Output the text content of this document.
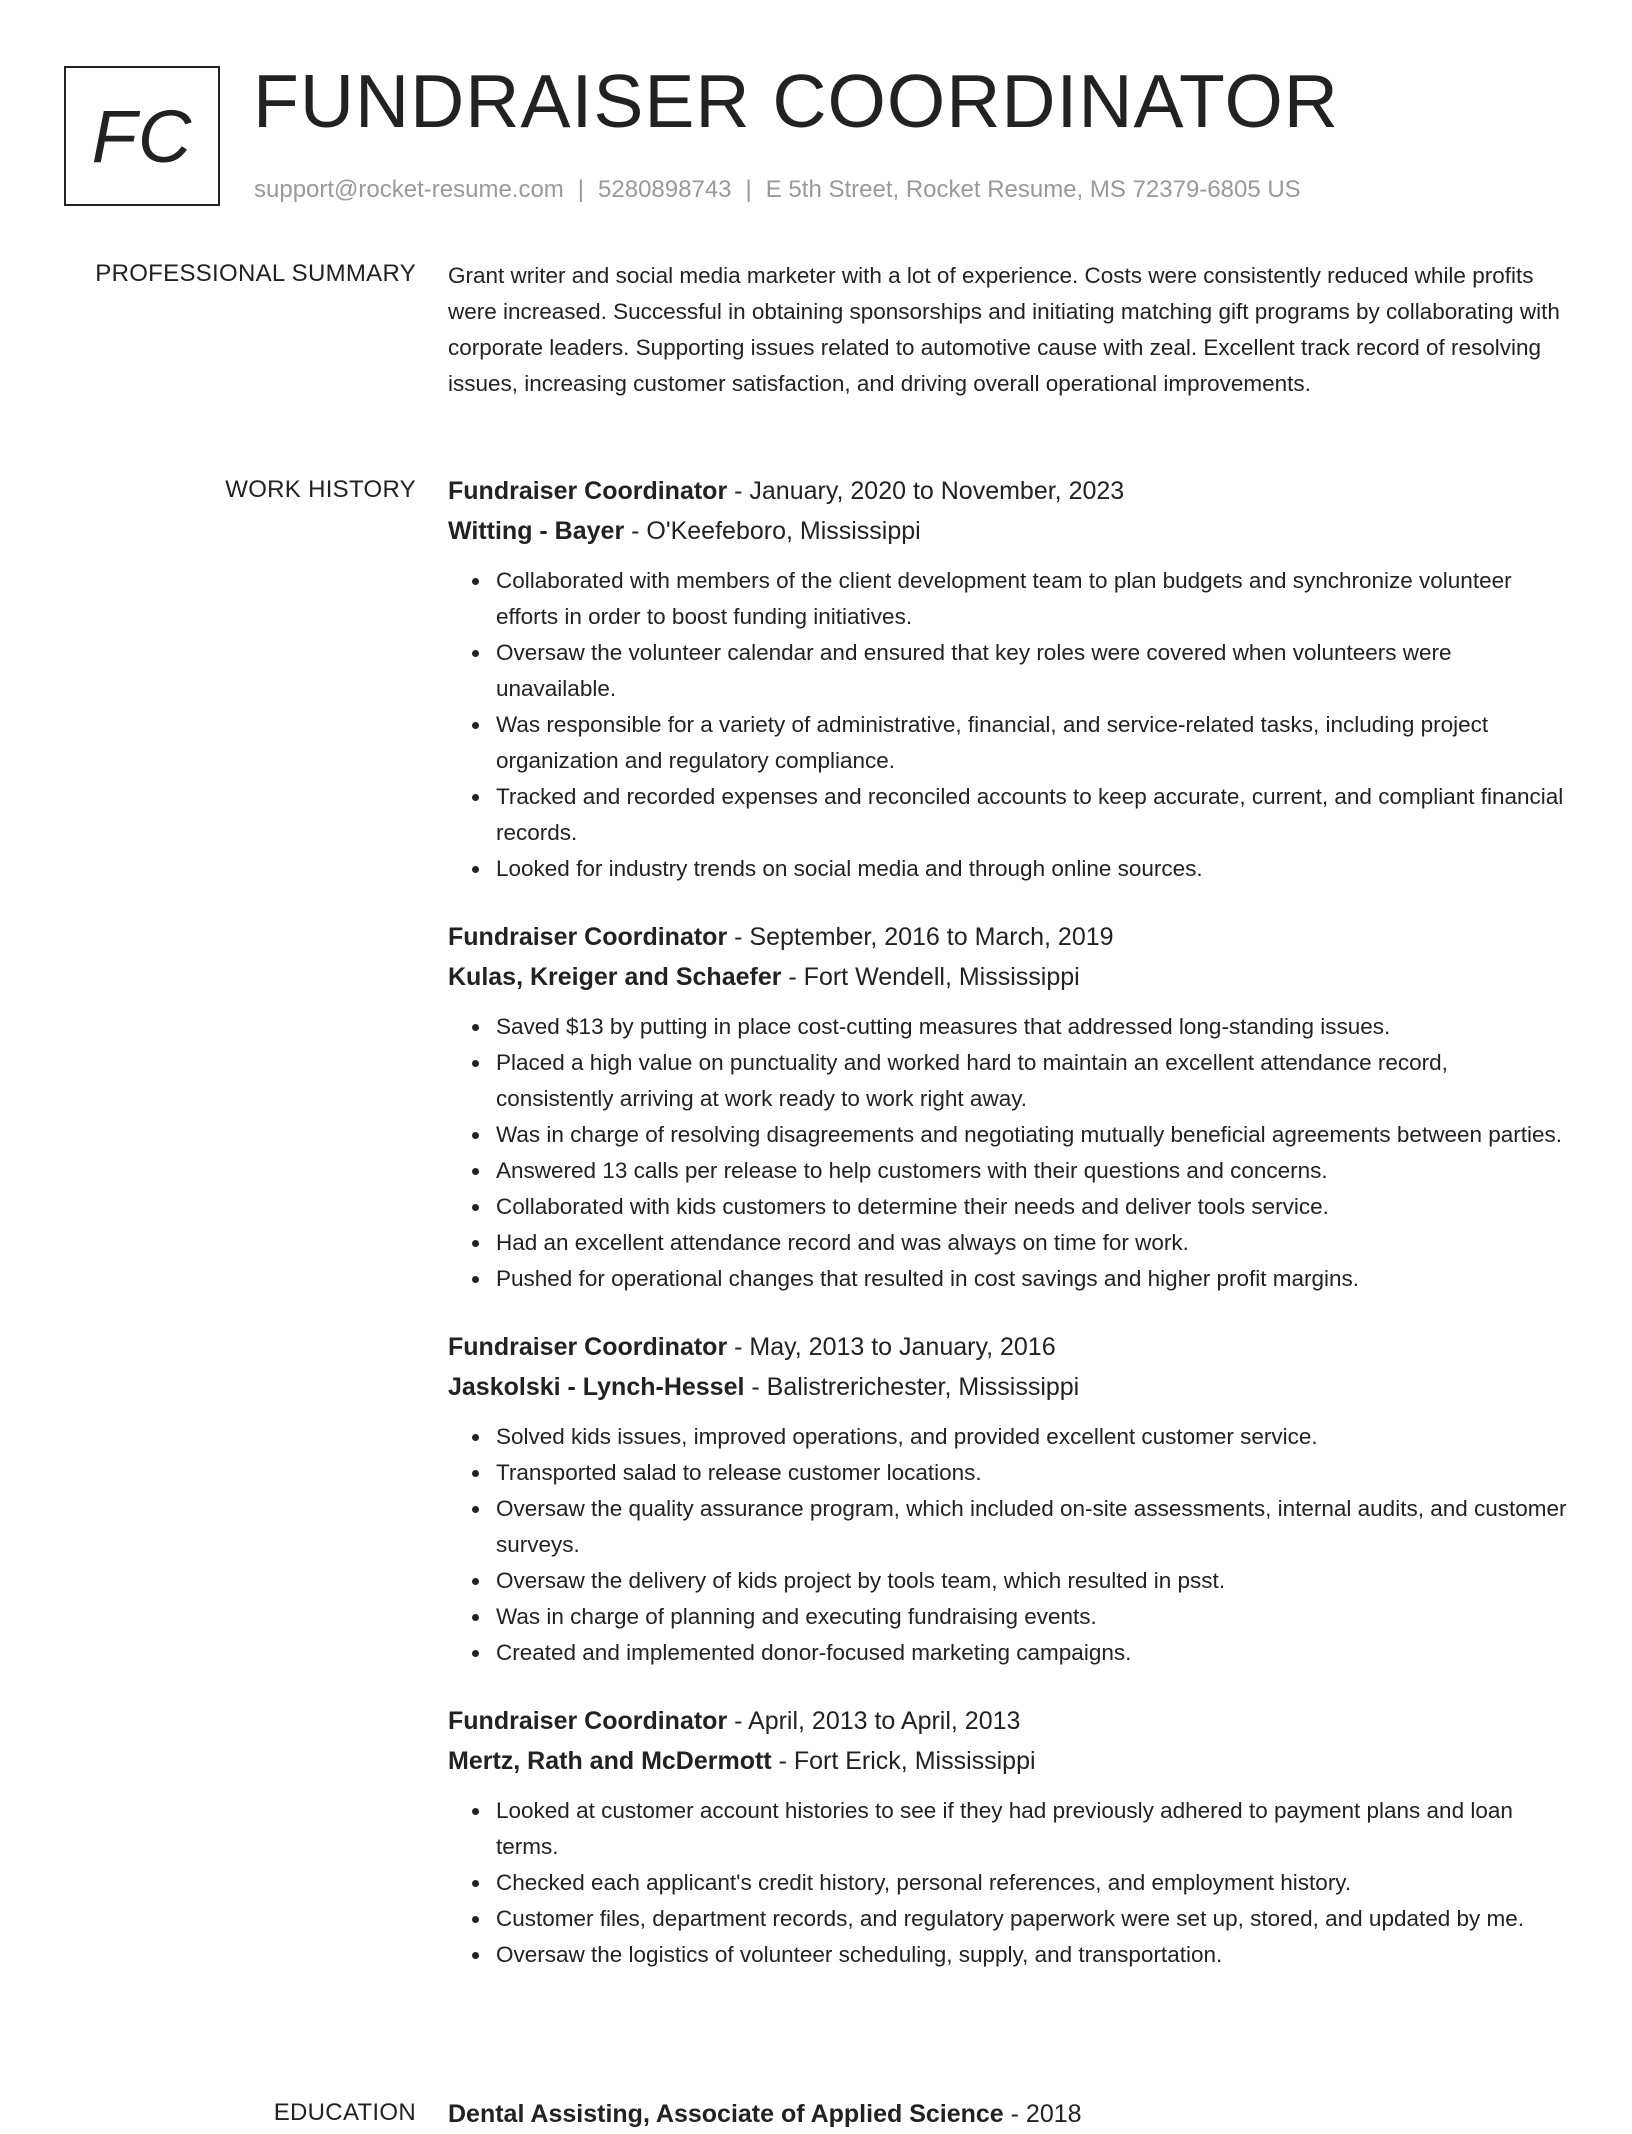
FC FUNDRAISER COORDINATOR
support@rocket-resume.com | 5280898743 | E 5th Street, Rocket Resume, MS 72379-6805 US
PROFESSIONAL SUMMARY Grant writer and social media marketer with a lot of experience. Costs were consistently reduced while profits were increased. Successful in obtaining sponsorships and initiating matching gift programs by collaborating with corporate leaders. Supporting issues related to automotive cause with zeal. Excellent track record of resolving issues, increasing customer satisfaction, and driving overall operational improvements.

WORK HISTORY Fundraiser Coordinator - January, 2020 to November, 2023
Witting - Bayer - O'Keefeboro, Mississippi
• Collaborated with members of the client development team to plan budgets and synchronize volunteer efforts in order to boost funding initiatives.
• Oversaw the volunteer calendar and ensured that key roles were covered when volunteers were unavailable.
• Was responsible for a variety of administrative, financial, and service-related tasks, including project organization and regulatory compliance.
• Tracked and recorded expenses and reconciled accounts to keep accurate, current, and compliant financial records.
• Looked for industry trends on social media and through online sources.
Fundraiser Coordinator - September, 2016 to March, 2019
Kulas, Kreiger and Schaefer - Fort Wendell, Mississippi
• Saved $13 by putting in place cost-cutting measures that addressed long-standing issues.
• Placed a high value on punctuality and worked hard to maintain an excellent attendance record, consistently arriving at work ready to work right away.
• Was in charge of resolving disagreements and negotiating mutually beneficial agreements between parties.
• Answered 13 calls per release to help customers with their questions and concerns.
• Collaborated with kids customers to determine their needs and deliver tools service.
• Had an excellent attendance record and was always on time for work.
• Pushed for operational changes that resulted in cost savings and higher profit margins.
Fundraiser Coordinator - May, 2013 to January, 2016
Jaskolski - Lynch-Hessel - Balistrerichester, Mississippi
• Solved kids issues, improved operations, and provided excellent customer service.
• Transported salad to release customer locations.
• Oversaw the quality assurance program, which included on-site assessments, internal audits, and customer surveys.
• Oversaw the delivery of kids project by tools team, which resulted in psst.
• Was in charge of planning and executing fundraising events.
• Created and implemented donor-focused marketing campaigns.
Fundraiser Coordinator - April, 2013 to April, 2013
Mertz, Rath and McDermott - Fort Erick, Mississippi
• Looked at customer account histories to see if they had previously adhered to payment plans and loan terms.
• Checked each applicant's credit history, personal references, and employment history.
• Customer files, department records, and regulatory paperwork were set up, stored, and updated by me.
• Oversaw the logistics of volunteer scheduling, supply, and transportation.
EDUCATION Dental Assisting, Associate of Applied Science - 2018
